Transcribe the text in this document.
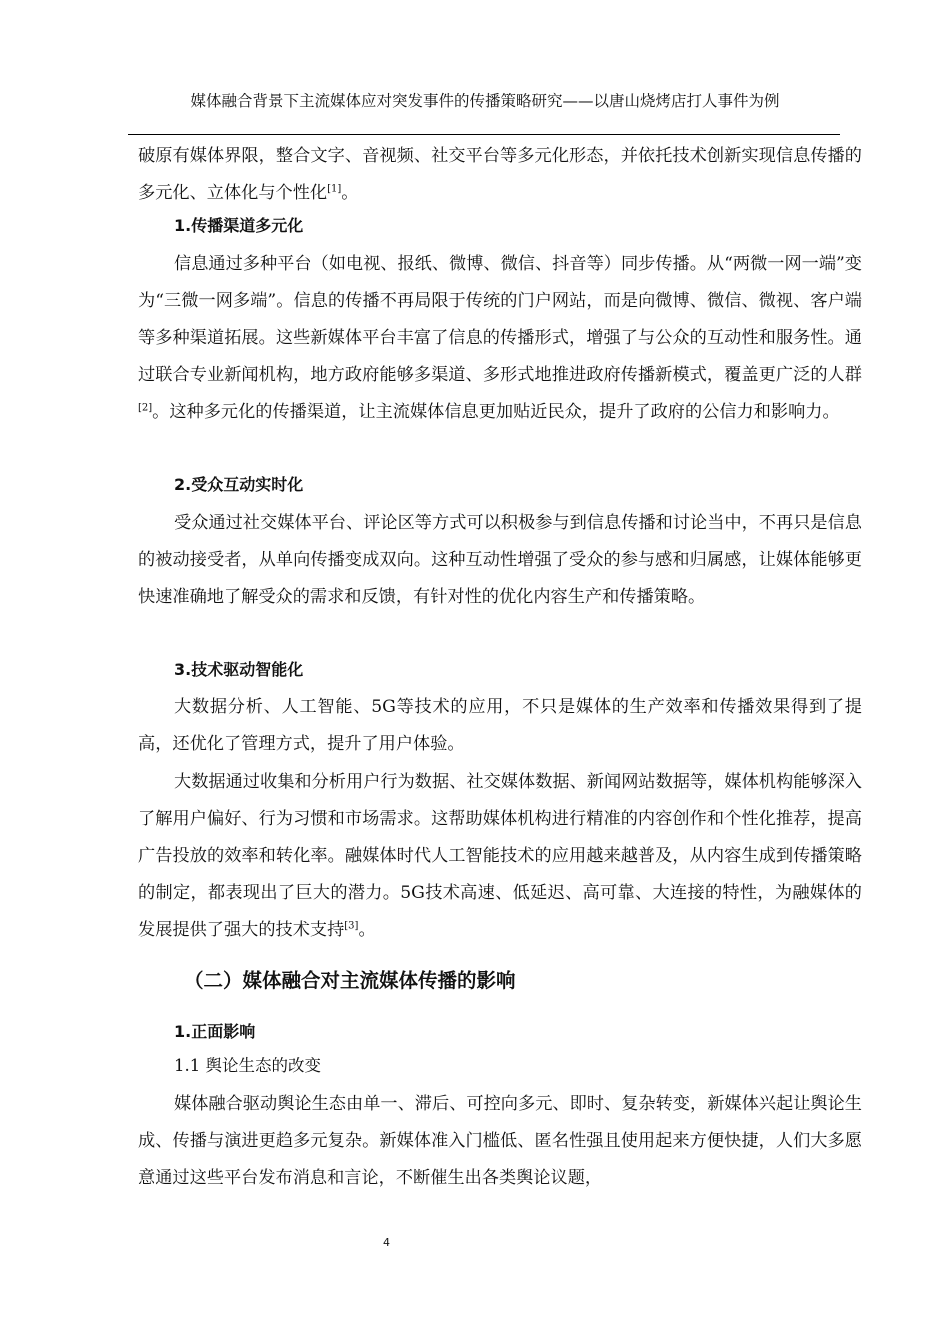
媒体融合背景下主流媒体应对突发事件的传播策略研究——以唐山烧烤店打人事件为例

破原有媒体界限，整合文字、音视频、社交平台等多元化形态，并依托技术创新实现信息传播的多元化、立体化与个性化[1]。

1.传播渠道多元化

信息通过多种平台（如电视、报纸、微博、微信、抖音等）同步传播。从“两微一网一端”变为“三微一网多端”。信息的传播不再局限于传统的门户网站，而是向微博、微信、微视、客户端等多种渠道拓展。这些新媒体平台丰富了信息的传播形式，增强了与公众的互动性和服务性。通过联合专业新闻机构，地方政府能够多渠道、多形式地推进政府传播新模式，覆盖更广泛的人群[2]。这种多元化的传播渠道，让主流媒体信息更加贴近民众，提升了政府的公信力和影响力。

2.受众互动实时化

受众通过社交媒体平台、评论区等方式可以积极参与到信息传播和讨论当中，不再只是信息的被动接受者，从单向传播变成双向。这种互动性增强了受众的参与感和归属感，让媒体能够更快速准确地了解受众的需求和反馈，有针对性的优化内容生产和传播策略。

3.技术驱动智能化

大数据分析、人工智能、5G等技术的应用，不只是媒体的生产效率和传播效果得到了提高，还优化了管理方式，提升了用户体验。

大数据通过收集和分析用户行为数据、社交媒体数据、新闻网站数据等，媒体机构能够深入了解用户偏好、行为习惯和市场需求。这帮助媒体机构进行精准的内容创作和个性化推荐，提高广告投放的效率和转化率。融媒体时代人工智能技术的应用越来越普及，从内容生成到传播策略的制定，都表现出了巨大的潜力。5G技术高速、低延迟、高可靠、大连接的特性，为融媒体的发展提供了强大的技术支持[3]。

（二）媒体融合对主流媒体传播的影响
1.正面影响
1.1 舆论生态的改变

媒体融合驱动舆论生态由单一、滞后、可控向多元、即时、复杂转变，新媒体兴起让舆论生成、传播与演进更趋多元复杂。新媒体准入门槛低、匿名性强且使用起来方便快捷，人们大多愿意通过这些平台发布消息和言论，不断催生出各类舆论议题，

4
